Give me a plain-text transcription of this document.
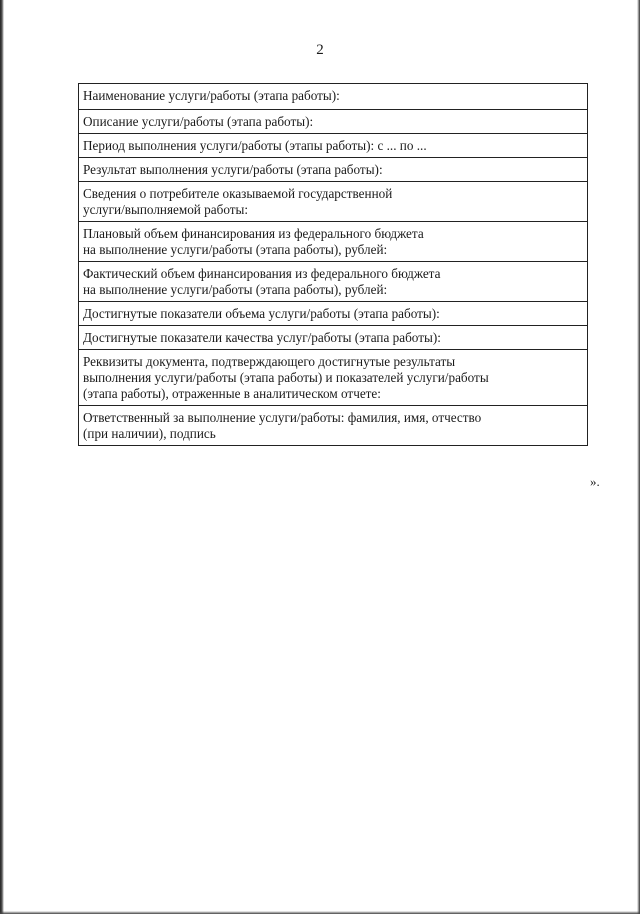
2
Наименование услуги/работы (этапа работы):
Описание услуги/работы (этапа работы):
Период выполнения услуги/работы (этапы работы): с ... по ...
Результат выполнения услуги/работы (этапа работы):
Сведения о потребителе оказываемой государственной
услуги/выполняемой работы:
Плановый объем финансирования из федерального бюджета
на выполнение услуги/работы (этапа работы), рублей:
Фактический объем финансирования из федерального бюджета
на выполнение услуги/работы (этапа работы), рублей:
Достигнутые показатели объема услуги/работы (этапа работы):
Достигнутые показатели качества услуг/работы (этапа работы):
Реквизиты документа, подтверждающего достигнутые результаты
выполнения услуги/работы (этапа работы) и показателей услуги/работы
(этапа работы), отраженные в аналитическом отчете:
Ответственный за выполнение услуги/работы: фамилия, имя, отчество
(при наличии), подпись
».
